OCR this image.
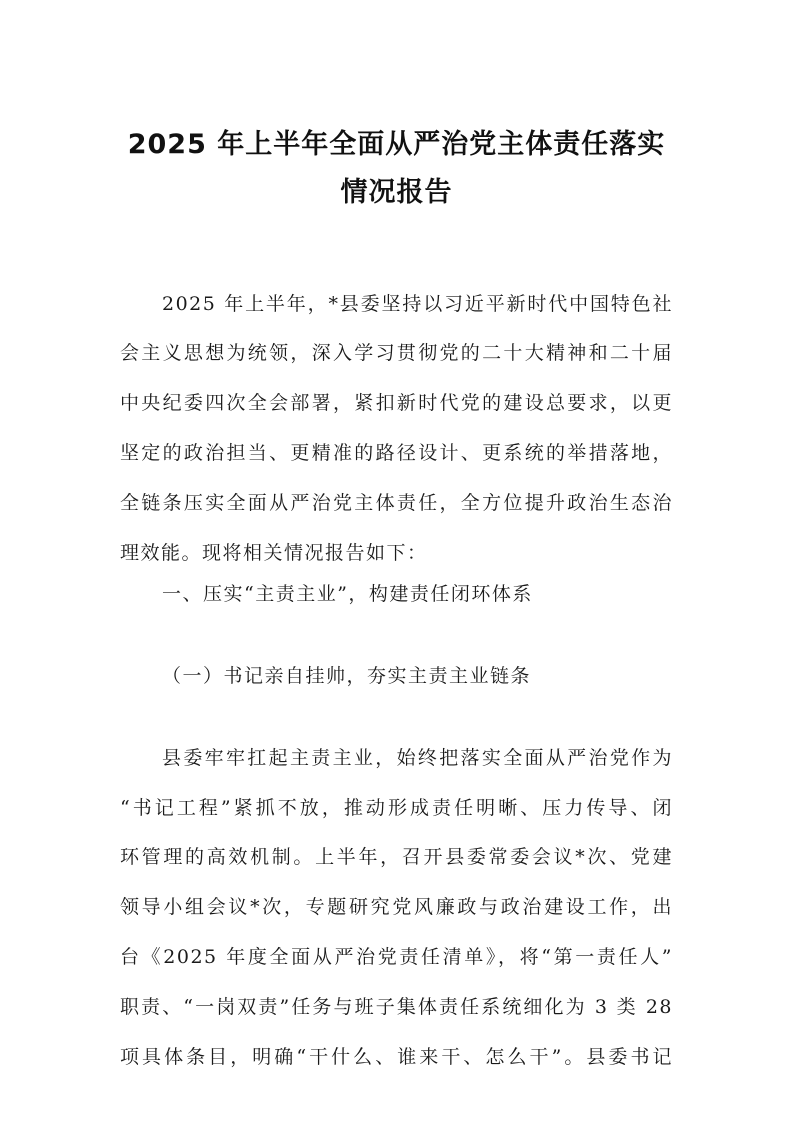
2025 年上半年全面从严治党主体责任落实
情况报告
2025 年上半年，*县委坚持以习近平新时代中国特色社
会主义思想为统领，深入学习贯彻党的二十大精神和二十届
中央纪委四次全会部署，紧扣新时代党的建设总要求，以更
坚定的政治担当、更精准的路径设计、更系统的举措落地，
全链条压实全面从严治党主体责任，全方位提升政治生态治
理效能。现将相关情况报告如下：
一、压实“主责主业”，构建责任闭环体系
（一）书记亲自挂帅，夯实主责主业链条
县委牢牢扛起主责主业，始终把落实全面从严治党作为
“书记工程”紧抓不放，推动形成责任明晰、压力传导、闭
环管理的高效机制。上半年，召开县委常委会议*次、党建
领导小组会议*次，专题研究党风廉政与政治建设工作，出
台《2025 年度全面从严治党责任清单》，将“第一责任人”
职责、“一岗双责”任务与班子集体责任系统细化为 3 类 28
项具体条目，明确“干什么、谁来干、怎么干”。县委书记
